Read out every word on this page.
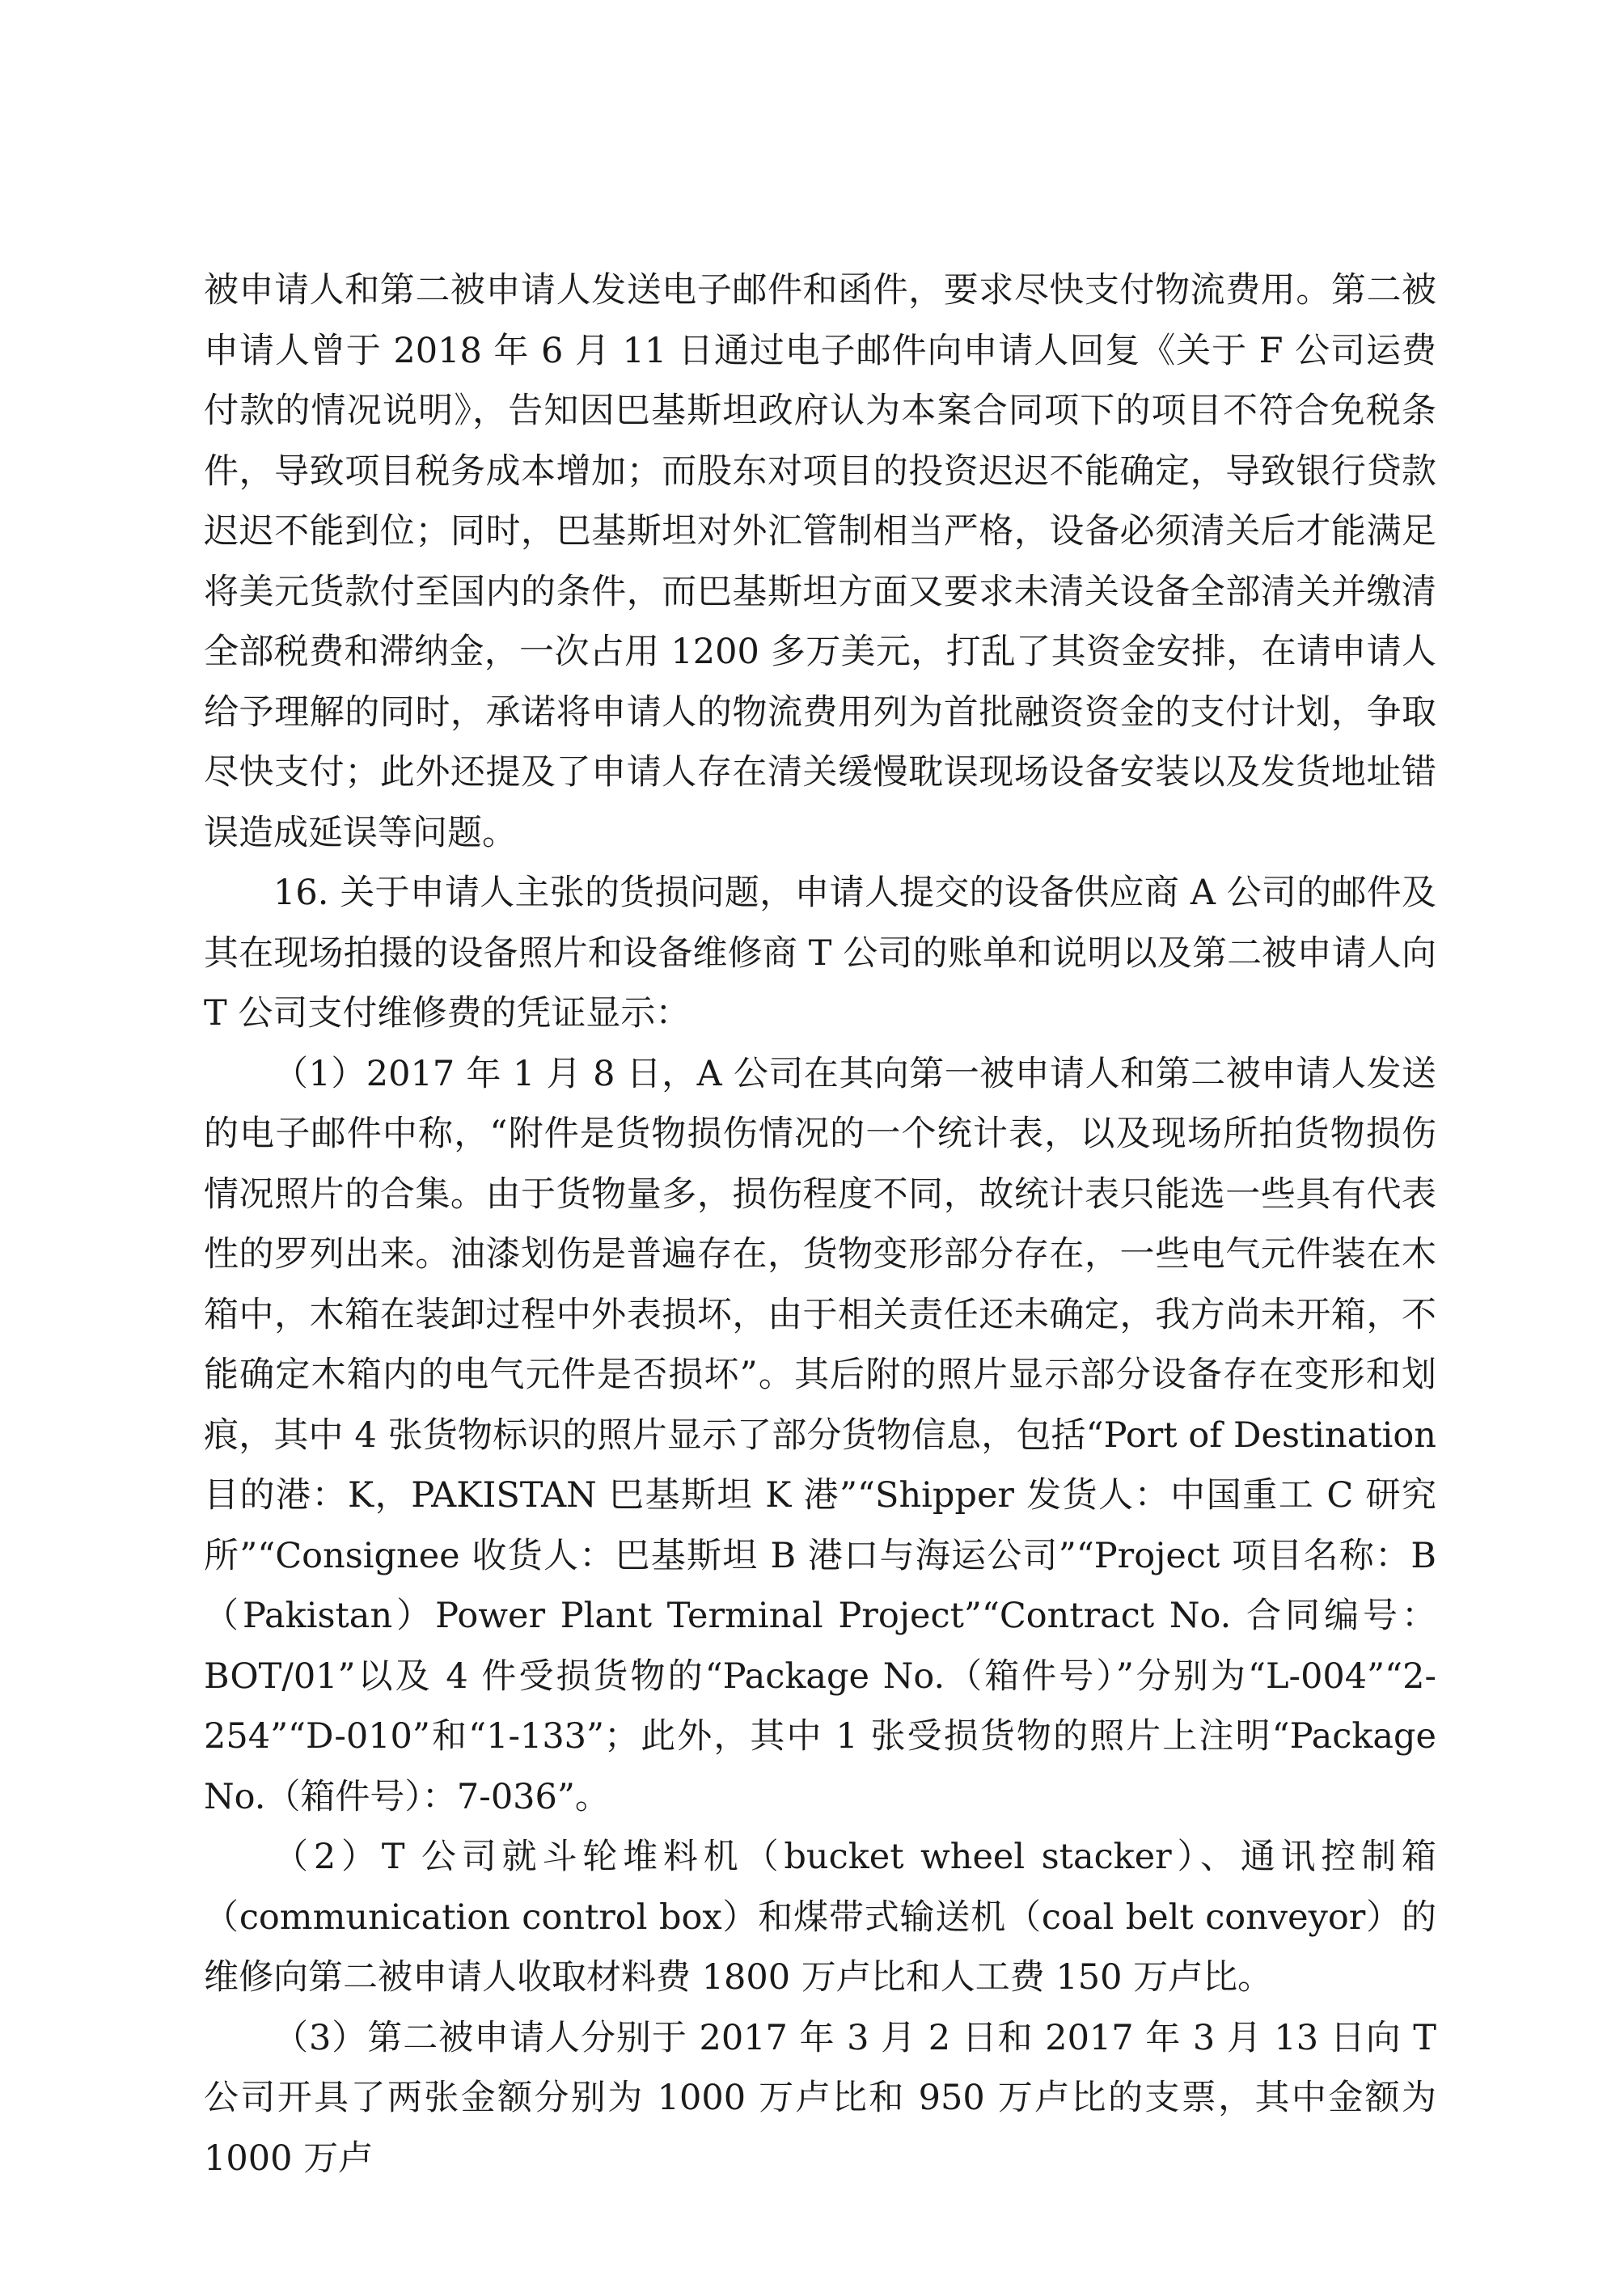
被申请人和第二被申请人发送电子邮件和函件，要求尽快支付物流费用。第二被申请人曾于 2018 年 6 月 11 日通过电子邮件向申请人回复《关于 F 公司运费付款的情况说明》，告知因巴基斯坦政府认为本案合同项下的项目不符合免税条件，导致项目税务成本增加；而股东对项目的投资迟迟不能确定，导致银行贷款迟迟不能到位；同时，巴基斯坦对外汇管制相当严格，设备必须清关后才能满足将美元货款付至国内的条件，而巴基斯坦方面又要求未清关设备全部清关并缴清全部税费和滞纳金，一次占用 1200 多万美元，打乱了其资金安排，在请申请人给予理解的同时，承诺将申请人的物流费用列为首批融资资金的支付计划，争取尽快支付；此外还提及了申请人存在清关缓慢耽误现场设备安装以及发货地址错误造成延误等问题。

16. 关于申请人主张的货损问题，申请人提交的设备供应商 A 公司的邮件及其在现场拍摄的设备照片和设备维修商 T 公司的账单和说明以及第二被申请人向 T 公司支付维修费的凭证显示：

（1）2017 年 1 月 8 日，A 公司在其向第一被申请人和第二被申请人发送的电子邮件中称，“附件是货物损伤情况的一个统计表，以及现场所拍货物损伤情况照片的合集。由于货物量多，损伤程度不同，故统计表只能选一些具有代表性的罗列出来。油漆划伤是普遍存在，货物变形部分存在，一些电气元件装在木箱中，木箱在装卸过程中外表损坏，由于相关责任还未确定，我方尚未开箱，不能确定木箱内的电气元件是否损坏”。其后附的照片显示部分设备存在变形和划痕，其中 4 张货物标识的照片显示了部分货物信息，包括“Port of Destination 目的港：K，PAKISTAN 巴基斯坦 K 港”“Shipper 发货人：中国重工 C 研究所”“Consignee 收货人：巴基斯坦 B 港口与海运公司”“Project 项目名称：B（Pakistan）Power Plant Terminal Project”“Contract No. 合同编号：BOT/01”以及 4 件受损货物的“Package No.（箱件号）”分别为“L-004”“2-254”“D-010”和“1-133”；此外，其中 1 张受损货物的照片上注明“Package No.（箱件号）：7-036”。

（2）T 公司就斗轮堆料机（bucket wheel stacker）、通讯控制箱（communication control box）和煤带式输送机（coal belt conveyor）的维修向第二被申请人收取材料费 1800 万卢比和人工费 150 万卢比。

（3）第二被申请人分别于 2017 年 3 月 2 日和 2017 年 3 月 13 日向 T 公司开具了两张金额分别为 1000 万卢比和 950 万卢比的支票，其中金额为 1000 万卢
